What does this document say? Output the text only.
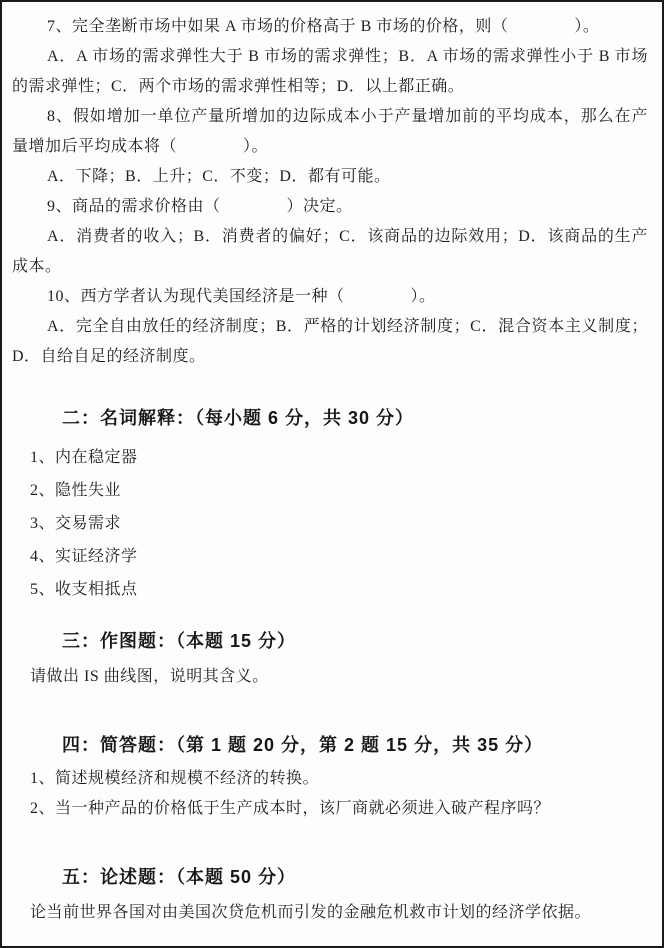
7、完全垄断市场中如果 A 市场的价格高于 B 市场的价格，则（　　　　）。

A．A 市场的需求弹性大于 B 市场的需求弹性；B．A 市场的需求弹性小于 B 市场的需求弹性；C．两个市场的需求弹性相等；D．以上都正确。

8、假如增加一单位产量所增加的边际成本小于产量增加前的平均成本，那么在产量增加后平均成本将（　　　　）。

A．下降；B．上升；C．不变；D．都有可能。

9、商品的需求价格由（　　　　）决定。

A．消费者的收入；B．消费者的偏好；C．该商品的边际效用；D．该商品的生产成本。

10、西方学者认为现代美国经济是一种（　　　　）。

A．完全自由放任的经济制度；B．严格的计划经济制度；C．混合资本主义制度；D．自给自足的经济制度。

二：名词解释：（每小题 6 分，共 30 分）

1、内在稳定器

2、隐性失业

3、交易需求

4、实证经济学

5、收支相抵点

三：作图题：（本题 15 分）

请做出 IS 曲线图，说明其含义。

四：简答题：（第 1 题 20 分，第 2 题 15 分，共 35 分）

1、简述规模经济和规模不经济的转换。

2、当一种产品的价格低于生产成本时，该厂商就必须进入破产程序吗？

五：论述题：（本题 50 分）

论当前世界各国对由美国次贷危机而引发的金融危机救市计划的经济学依据。
